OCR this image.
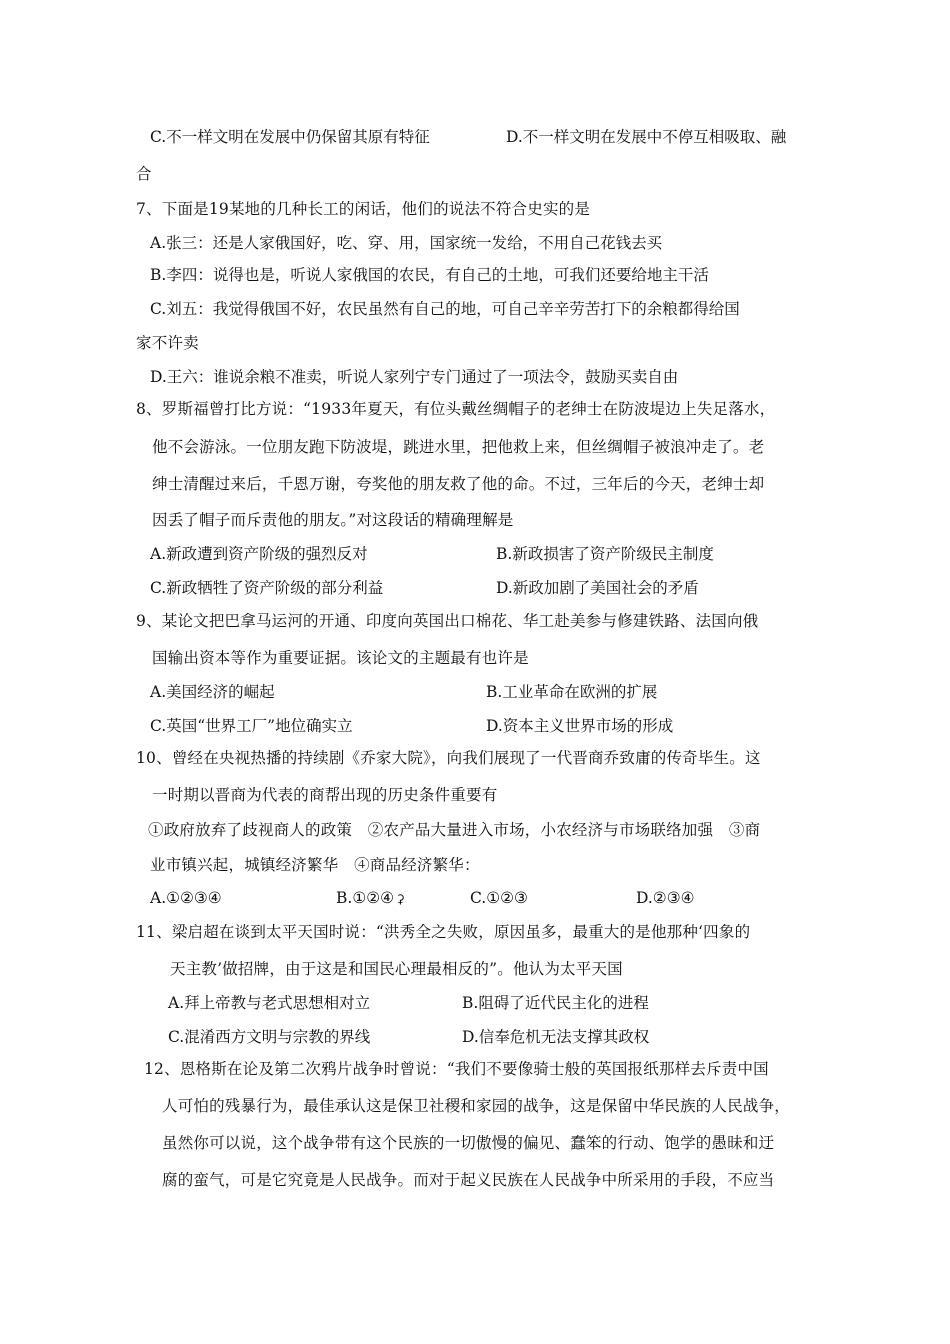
C.不一样文明在发展中仍保留其原有特征	D.不一样文明在发展中不停互相吸取、融
合
7、下面是19某地的几种长工的闲话，他们的说法不符合史实的是
A.张三：还是人家俄国好，吃、穿、用，国家统一发给，不用自己花钱去买
B.李四：说得也是，听说人家俄国的农民，有自己的土地，可我们还要给地主干活
C.刘五：我觉得俄国不好，农民虽然有自己的地，可自己辛辛劳苦打下的余粮都得给国
家不许卖
D.王六：谁说余粮不准卖，听说人家列宁专门通过了一项法令，鼓励买卖自由
8、罗斯福曾打比方说：“1933年夏天，有位头戴丝绸帽子的老绅士在防波堤边上失足落水，
他不会游泳。一位朋友跑下防波堤，跳进水里，把他救上来，但丝绸帽子被浪冲走了。老
绅士清醒过来后，千恩万谢，夸奖他的朋友救了他的命。不过，三年后的今天，老绅士却
因丢了帽子而斥责他的朋友。”对这段话的精确理解是
A.新政遭到资产阶级的强烈反对	B.新政损害了资产阶级民主制度
C.新政牺牲了资产阶级的部分利益	D.新政加剧了美国社会的矛盾
9、某论文把巴拿马运河的开通、印度向英国出口棉花、华工赴美参与修建铁路、法国向俄
国输出资本等作为重要证据。该论文的主题最有也许是
A.美国经济的崛起	B.工业革命在欧洲的扩展
C.英国“世界工厂”地位确实立	D.资本主义世界市场的形成
10、曾经在央视热播的持续剧《乔家大院》，向我们展现了一代晋商乔致庸的传奇毕生。这
一时期以晋商为代表的商帮出现的历史条件重要有
①政府放弃了歧视商人的政策　②农产品大量进入市场，小农经济与市场联络加强　③商
业市镇兴起，城镇经济繁华　④商品经济繁华：
A.①②③④	B.①②④ ⚳	C.①②③	D.②③④
11、梁启超在谈到太平天国时说：“洪秀全之失败，原因虽多，最重大的是他那种‘四象的
天主教’做招牌，由于这是和国民心理最相反的”。他认为太平天国
A.拜上帝教与老式思想相对立	B.阻碍了近代民主化的进程
C.混淆西方文明与宗教的界线	D.信奉危机无法支撑其政权
12、恩格斯在论及第二次鸦片战争时曾说：“我们不要像骑士般的英国报纸那样去斥责中国
人可怕的残暴行为，最佳承认这是保卫社稷和家园的战争，这是保留中华民族的人民战争，
虽然你可以说，这个战争带有这个民族的一切傲慢的偏见、蠢笨的行动、饱学的愚昧和迂
腐的蛮气，可是它究竟是人民战争。而对于起义民族在人民战争中所采用的手段，不应当
